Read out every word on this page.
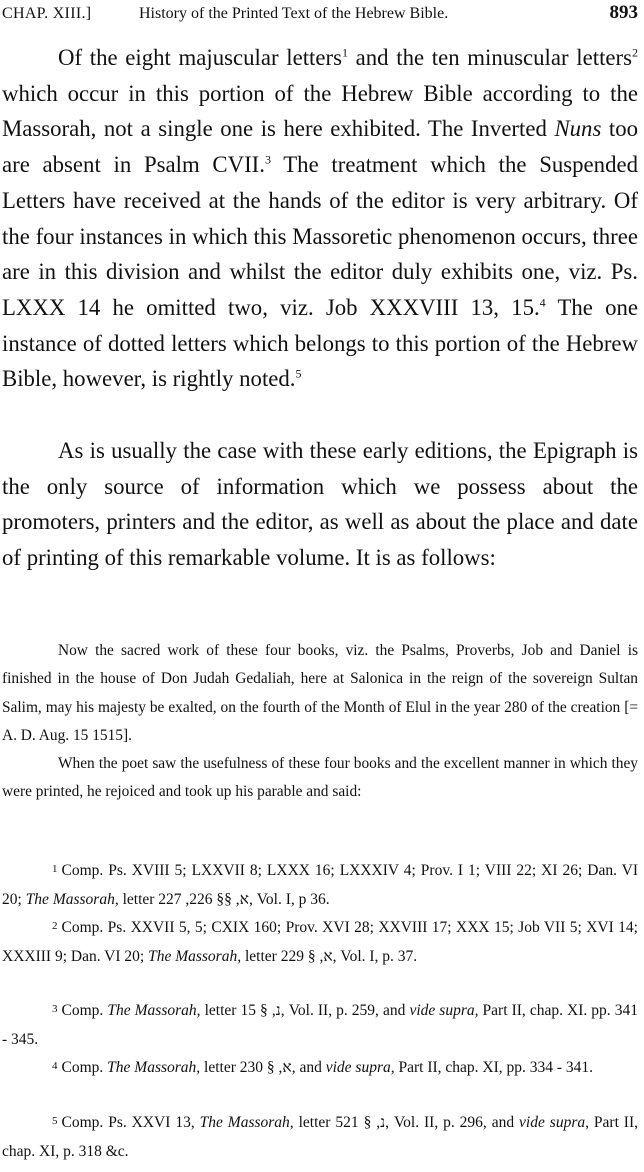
CHAP. XIII.]	History of the Printed Text of the Hebrew Bible.	893

Of the eight majuscular letters$^1$ and the ten minuscular letters$^2$ which occur in this portion of the Hebrew Bible according to the Massorah, not a single one is here exhibited. The Inverted Nuns too are absent in Psalm CVII.$^3$ The treatment which the Suspended Letters have received at the hands of the editor is very arbitrary. Of the four instances in which this Massoretic phenomenon occurs, three are in this division and whilst the editor duly exhibits one, viz. Ps. LXXX 14 he omitted two, viz. Job XXXVIII 13, 15.$^4$ The one instance of dotted letters which belongs to this portion of the Hebrew Bible, however, is rightly noted.$^5$

As is usually the case with these early editions, the Epigraph is the only source of information which we possess about the promoters, printers and the editor, as well as about the place and date of printing of this remarkable volume. It is as follows:

Now the sacred work of these four books, viz. the Psalms, Proverbs, Job and Daniel is finished in the house of Don Judah Gedaliah, here at Salonica in the reign of the sovereign Sultan Salim, may his majesty be exalted, on the fourth of the Month of Elul in the year 280 of the creation [= A. D. Aug. 15 1515].

When the poet saw the usefulness of these four books and the excellent manner in which they were printed, he rejoiced and took up his parable and said:

1 Comp. Ps. XVIII 5; LXXVII 8; LXXX 16; LXXXIV 4; Prov. I 1; VIII 22; XI 26; Dan. VI 20; The Massorah, letter א, §§ 226, 227, Vol. I, p 36.

2 Comp. Ps. XXVII 5, 5; CXIX 160; Prov. XVI 28; XXVIII 17; XXX 15; Job VII 5; XVI 14; XXXIII 9; Dan. VI 20; The Massorah, letter א, § 229, Vol. I, p. 37.

3 Comp. The Massorah, letter נ, § 15, Vol. II, p. 259, and vide supra, Part II, chap. XI. pp. 341 - 345.

4 Comp. The Massorah, letter א, § 230, and vide supra, Part II, chap. XI, pp. 334 - 341.

5 Comp. Ps. XXVI 13, The Massorah, letter נ, § 521, Vol. II, p. 296, and vide supra, Part II, chap. XI, p. 318 &c.
